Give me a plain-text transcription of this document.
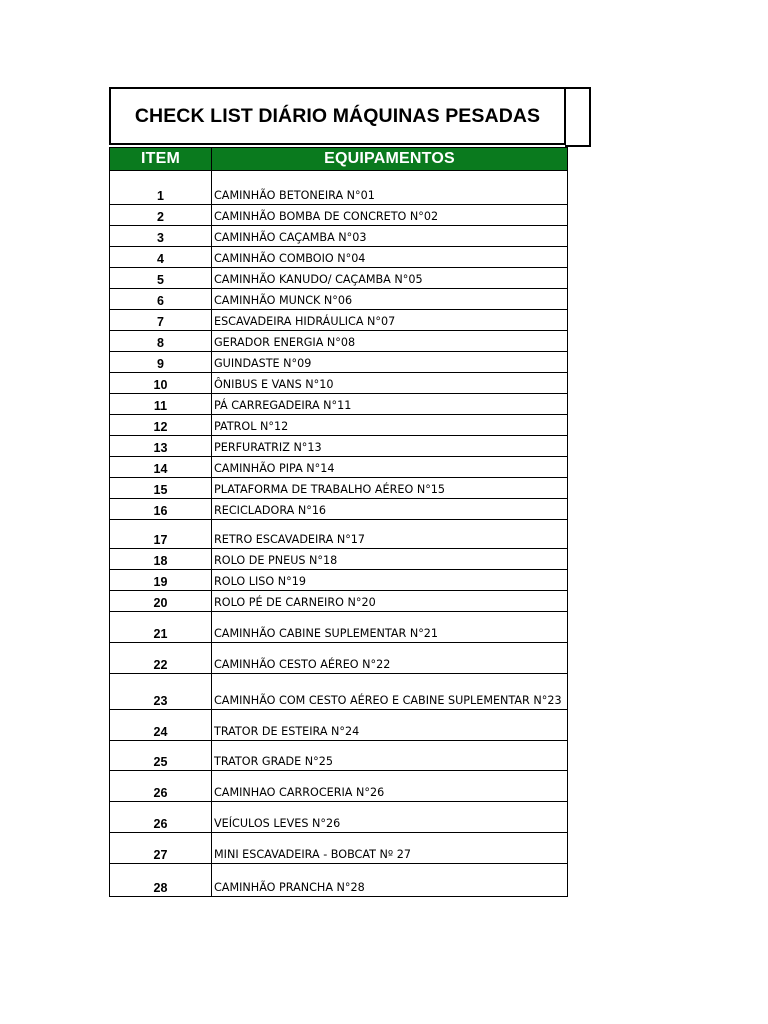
CHECK LIST DIÁRIO MÁQUINAS PESADAS
ITEM	EQUIPAMENTOS
1	CAMINHÃO BETONEIRA N°01
2	CAMINHÃO BOMBA DE CONCRETO N°02
3	CAMINHÃO CAÇAMBA N°03
4	CAMINHÃO COMBOIO N°04
5	CAMINHÃO KANUDO/ CAÇAMBA N°05
6	CAMINHÃO MUNCK N°06
7	ESCAVADEIRA HIDRÁULICA N°07
8	GERADOR ENERGIA N°08
9	GUINDASTE N°09
10	ÔNIBUS E VANS N°10
11	PÁ CARREGADEIRA N°11
12	PATROL N°12
13	PERFURATRIZ N°13
14	CAMINHÃO PIPA N°14
15	PLATAFORMA DE TRABALHO AÉREO N°15
16	RECICLADORA N°16
17	RETRO ESCAVADEIRA N°17
18	ROLO DE PNEUS N°18
19	ROLO LISO N°19
20	ROLO PÉ DE CARNEIRO N°20
21	CAMINHÃO CABINE SUPLEMENTAR N°21
22	CAMINHÃO CESTO AÉREO N°22
23	CAMINHÃO COM CESTO AÉREO E CABINE SUPLEMENTAR N°23
24	TRATOR DE ESTEIRA N°24
25	TRATOR GRADE N°25
26	CAMINHAO CARROCERIA N°26
26	VEÍCULOS LEVES N°26
27	MINI ESCAVADEIRA - BOBCAT Nº 27
28	CAMINHÃO PRANCHA N°28
